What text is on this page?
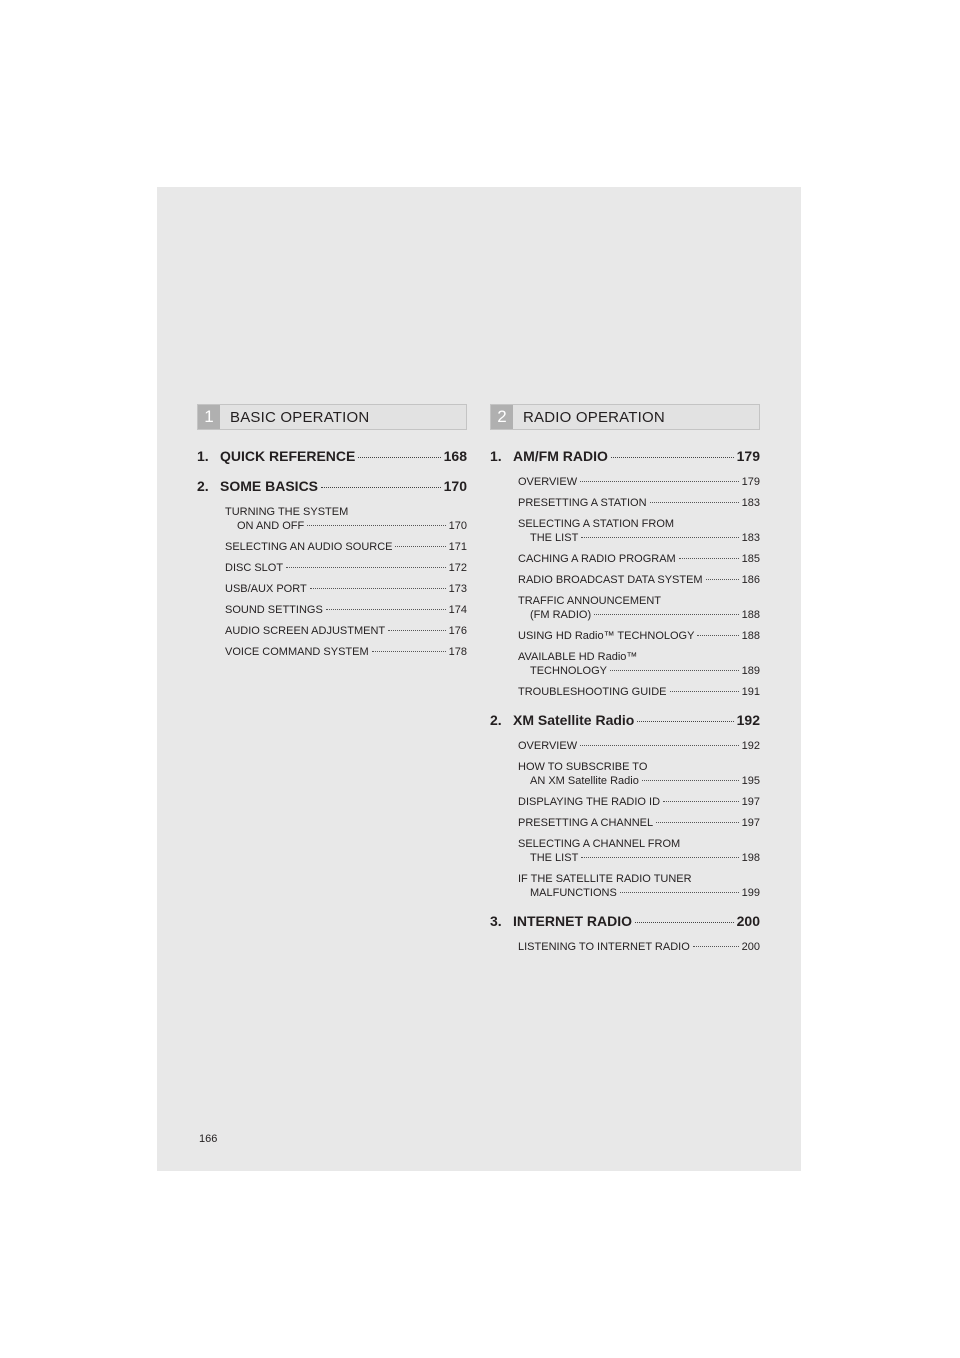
1	BASIC OPERATION
1. QUICK REFERENCE	168
2. SOME BASICS	170
TURNING THE SYSTEM
ON AND OFF	170
SELECTING AN AUDIO SOURCE	171
DISC SLOT	172
USB/AUX PORT	173
SOUND SETTINGS	174
AUDIO SCREEN ADJUSTMENT	176
VOICE COMMAND SYSTEM	178
2	RADIO OPERATION
1. AM/FM RADIO	179
OVERVIEW	179
PRESETTING A STATION	183
SELECTING A STATION FROM
THE LIST	183
CACHING A RADIO PROGRAM	185
RADIO BROADCAST DATA SYSTEM	186
TRAFFIC ANNOUNCEMENT
(FM RADIO)	188
USING HD Radio™ TECHNOLOGY	188
AVAILABLE HD Radio™
TECHNOLOGY	189
TROUBLESHOOTING GUIDE	191
2. XM Satellite Radio	192
OVERVIEW	192
HOW TO SUBSCRIBE TO
AN XM Satellite Radio	195
DISPLAYING THE RADIO ID	197
PRESETTING A CHANNEL	197
SELECTING A CHANNEL FROM
THE LIST	198
IF THE SATELLITE RADIO TUNER
MALFUNCTIONS	199
3. INTERNET RADIO	200
LISTENING TO INTERNET RADIO	200
166
